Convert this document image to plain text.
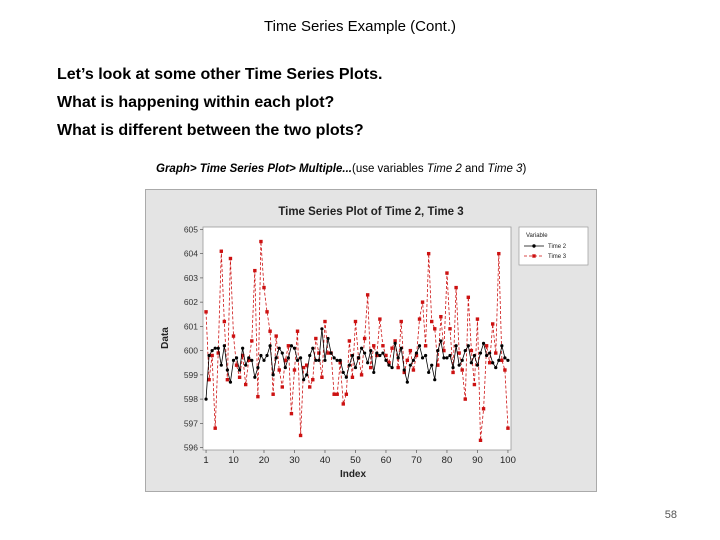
Time Series Example (Cont.)
Let’s look at some other Time Series Plots.
What is happening within each plot?
What is different between the two plots?
Graph> Time Series Plot> Multiple...(use variables Time 2 and Time 3)
Time Series Plot of Time 2, Time 3
596
597
598
599
600
601
602
603
604
605
1 10 20 30 40 50 60 70 80 90 100
Index
Data
Variable
Time 2
Time 3
58
